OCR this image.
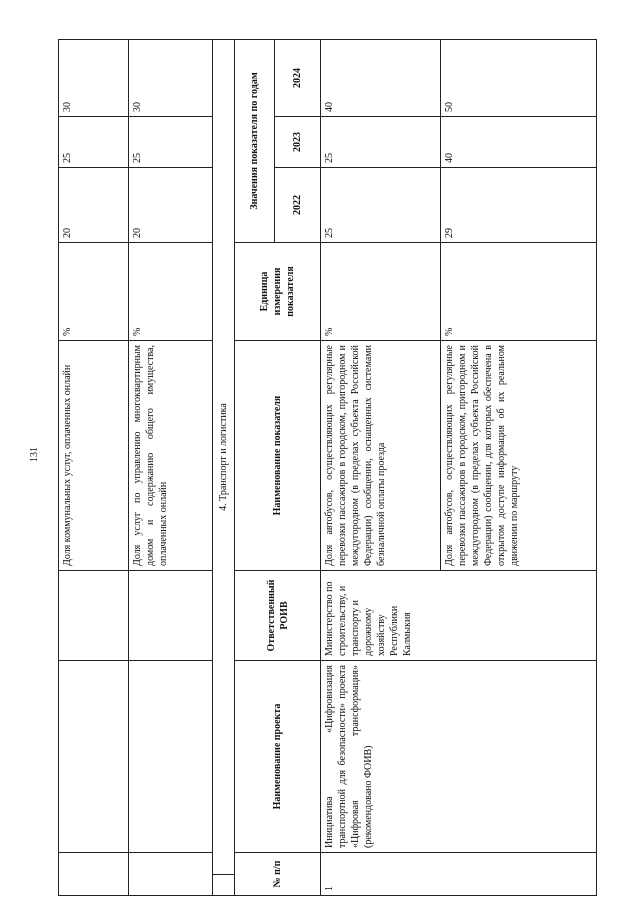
131
				Доля коммунальных услуг, оплаченных онлайн	%	20	25	30
				Доля услуг по управлению многоквартирным домом и содержанию общего имущества, оплаченных онлайн	%	20	25	30
	4. Транспорт и логистика							
№ п/п		Наименование проекта	Ответственный РОИВ	Наименование показателя	Единица измерения показателя	Значения показателя по годам		
						2022	2023	2024
1		Инициатива «Цифровизация транспортной для безопасности» проекта «Цифровая трансформация» (рекомендовано ФОИВ)	Министерство по строительству, и транспорту и дорожному хозяйству Республики Калмыкия	Доля автобусов, осуществляющих регулярные перевозки пассажиров в городском, пригородном и междугородном (в пределах субъекта Российской Федерации) сообщении, оснащенных системами безналичной оплаты проезда	%	25	25	40
				Доля автобусов, осуществляющих регулярные перевозки пассажиров в городском, пригородном и междугородном (в пределах субъекта Российской Федерации) сообщении, для которых обеспечена в открытом доступе информация об их реальном движении по маршруту	%	29	40	50
